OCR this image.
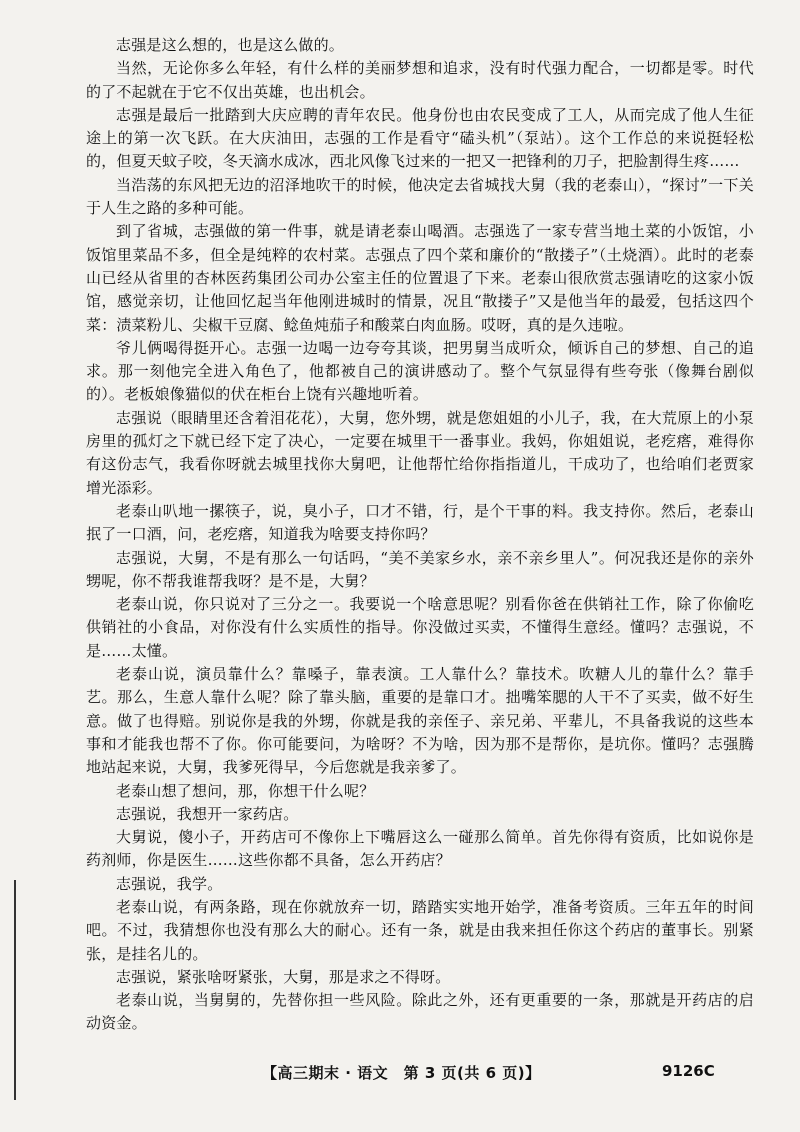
志强是这么想的，也是这么做的。

当然，无论你多么年轻，有什么样的美丽梦想和追求，没有时代强力配合，一切都是零。时代的了不起就在于它不仅出英雄，也出机会。

志强是最后一批踏到大庆应聘的青年农民。他身份也由农民变成了工人，从而完成了他人生征途上的第一次飞跃。在大庆油田，志强的工作是看守“磕头机”（泵站）。这个工作总的来说挺轻松的，但夏天蚊子咬，冬天滴水成冰，西北风像飞过来的一把又一把锋利的刀子，把脸割得生疼……

当浩荡的东风把无边的沼泽地吹干的时候，他决定去省城找大舅（我的老泰山），“探讨”一下关于人生之路的多种可能。

到了省城，志强做的第一件事，就是请老泰山喝酒。志强选了一家专营当地土菜的小饭馆，小饭馆里菜品不多，但全是纯粹的农村菜。志强点了四个菜和廉价的“散搂子”（土烧酒）。此时的老泰山已经从省里的杏林医药集团公司办公室主任的位置退了下来。老泰山很欣赏志强请吃的这家小饭馆，感觉亲切，让他回忆起当年他刚进城时的情景，况且“散搂子”又是他当年的最爱，包括这四个菜：渍菜粉儿、尖椒干豆腐、鲶鱼炖茄子和酸菜白肉血肠。哎呀，真的是久违啦。

爷儿俩喝得挺开心。志强一边喝一边夸夸其谈，把男舅当成听众，倾诉自己的梦想、自己的追求。那一刻他完全进入角色了，他都被自己的演讲感动了。整个气氛显得有些夸张（像舞台剧似的）。老板娘像猫似的伏在柜台上饶有兴趣地听着。

志强说（眼睛里还含着泪花花），大舅，您外甥，就是您姐姐的小儿子，我，在大荒原上的小泵房里的孤灯之下就已经下定了决心，一定要在城里干一番事业。我妈，你姐姐说，老疙瘩，难得你有这份志气，我看你呀就去城里找你大舅吧，让他帮忙给你指指道儿，干成功了，也给咱们老贾家增光添彩。

老泰山叭地一摞筷子，说，臭小子，口才不错，行，是个干事的料。我支持你。然后，老泰山抿了一口酒，问，老疙瘩，知道我为啥要支持你吗？

志强说，大舅，不是有那么一句话吗，“美不美家乡水，亲不亲乡里人”。何况我还是你的亲外甥呢，你不帮我谁帮我呀？是不是，大舅？

老泰山说，你只说对了三分之一。我要说一个啥意思呢？别看你爸在供销社工作，除了你偷吃供销社的小食品，对你没有什么实质性的指导。你没做过买卖，不懂得生意经。懂吗？志强说，不是……太懂。

老泰山说，演员靠什么？靠嗓子，靠表演。工人靠什么？靠技术。吹糖人儿的靠什么？靠手艺。那么，生意人靠什么呢？除了靠头脑，重要的是靠口才。拙嘴笨腮的人干不了买卖，做不好生意。做了也得赔。别说你是我的外甥，你就是我的亲侄子、亲兄弟、平辈儿，不具备我说的这些本事和才能我也帮不了你。你可能要问，为啥呀？不为啥，因为那不是帮你，是坑你。懂吗？志强腾地站起来说，大舅，我爹死得早，今后您就是我亲爹了。

老泰山想了想问，那，你想干什么呢？

志强说，我想开一家药店。

大舅说，傻小子，开药店可不像你上下嘴唇这么一碰那么简单。首先你得有资质，比如说你是药剂师，你是医生……这些你都不具备，怎么开药店？

志强说，我学。

老泰山说，有两条路，现在你就放弃一切，踏踏实实地开始学，准备考资质。三年五年的时间吧。不过，我猜想你也没有那么大的耐心。还有一条，就是由我来担任你这个药店的董事长。别紧张，是挂名儿的。

志强说，紧张啥呀紧张，大舅，那是求之不得呀。

老泰山说，当舅舅的，先替你担一些风险。除此之外，还有更重要的一条，那就是开药店的启动资金。

【高三期末 · 语文　第 3 页(共 6 页)】	9126C
